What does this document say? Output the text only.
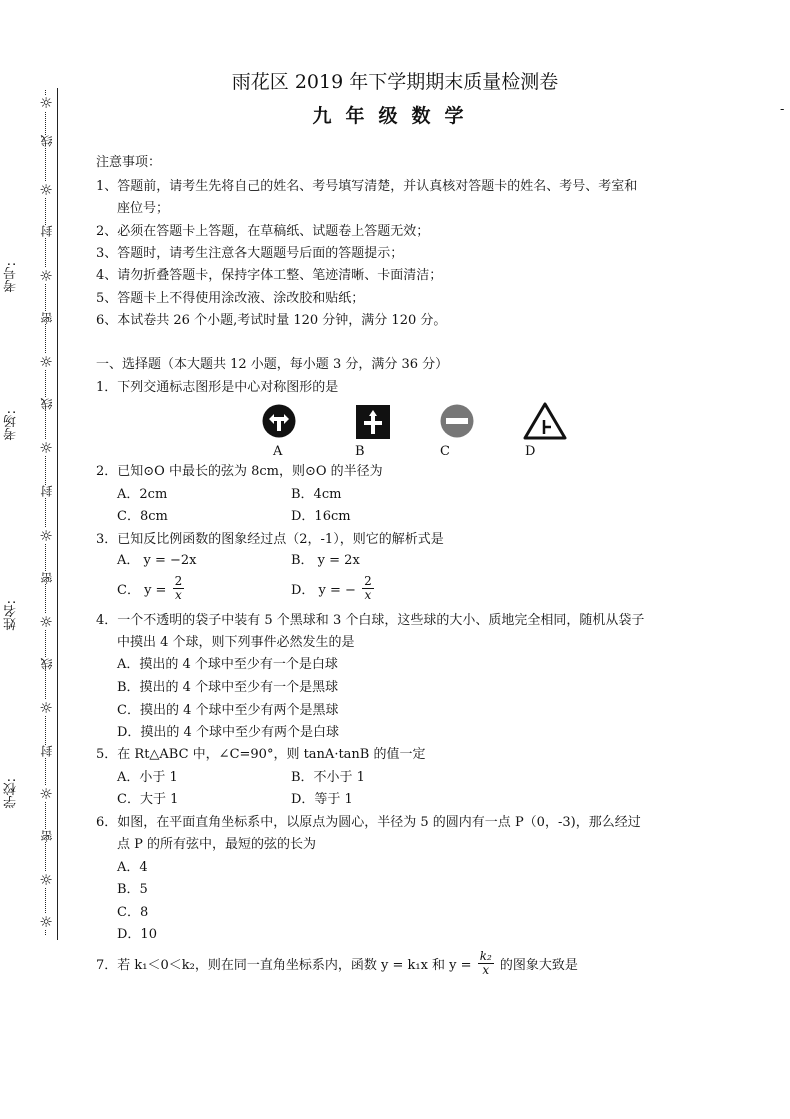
考号:
考场:
姓名:
学校:
☼
线
☼
封
☼
密
☼
线
☼
封
☼
密
☼
线
☼
封
☼
密
☼
☼
雨花区 2019 年下学期期末质量检测卷
九年级数学	-
注意事项：
1、答题前，请考生先将自己的姓名、考号填写清楚，并认真核对答题卡的姓名、考号、考室和
座位号；
2、必须在答题卡上答题，在草稿纸、试题卷上答题无效；
3、答题时，请考生注意各大题题号后面的答题提示；
4、请勿折叠答题卡，保持字体工整、笔迹清晰、卡面清洁；
5、答题卡上不得使用涂改液、涂改胶和贴纸；
6、本试卷共 26 个小题,考试时量 120 分钟，满分 120 分。
一、选择题（本大题共 12 小题，每小题 3 分，满分 36 分）
1．下列交通标志图形是中心对称图形的是
A	B	C	D
2．已知⊙O 中最长的弦为 8cm，则⊙O 的半径为
A．2cm	B．4cm
C．8cm	D．16cm
3．已知反比例函数的图象经过点（2，-1），则它的解析式是
A． y = −2x	B． y = 2x
C． $y = \frac{2}{x}$	D． y = − $\frac{2}{x}$
4．一个不透明的袋子中装有 5 个黑球和 3 个白球，这些球的大小、质地完全相同，随机从袋子
中摸出 4 个球，则下列事件必然发生的是
A．摸出的 4 个球中至少有一个是白球
B．摸出的 4 个球中至少有一个是黑球
C．摸出的 4 个球中至少有两个是黑球
D．摸出的 4 个球中至少有两个是白球
5．在 Rt△ABC 中，∠C=90°，则 tanA·tanB 的值一定
A．小于 1	B．不小于 1
C．大于 1	D．等于 1
6．如图，在平面直角坐标系中，以原点为圆心，半径为 5 的圆内有一点 P（0，-3)，那么经过
点 P 的所有弦中，最短的弦的长为
A．4
B．5
C．8
D．10
7．若 k₁＜0＜k₂，则在同一直角坐标系内，函数 y = k₁x 和 $y = \frac{\text{k₂}}{x}$ 的图象大致是
